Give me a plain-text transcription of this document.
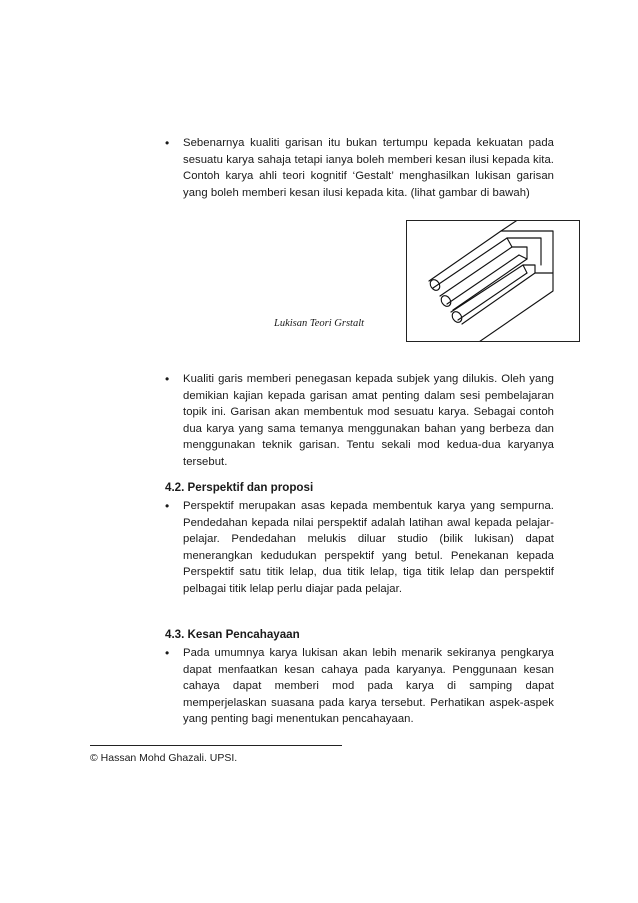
• Sebenarnya kualiti garisan itu bukan tertumpu kepada kekuatan pada sesuatu karya sahaja tetapi ianya boleh memberi kesan ilusi kepada kita. Contoh karya ahli teori kognitif ‘Gestalt’ menghasilkan lukisan garisan yang boleh memberi kesan ilusi kepada kita. (lihat gambar di bawah)
Lukisan Teori Grstalt
• Kualiti garis memberi penegasan kepada subjek yang dilukis. Oleh yang demikian kajian kepada garisan amat penting dalam sesi pembelajaran topik ini. Garisan akan membentuk mod sesuatu karya. Sebagai contoh dua karya yang sama temanya menggunakan bahan yang berbeza dan menggunakan teknik garisan. Tentu sekali mod kedua-dua karyanya tersebut.
4.2. Perspektif dan proposi
• Perspektif merupakan asas kepada membentuk karya yang sempurna. Pendedahan kepada nilai perspektif adalah latihan awal kepada pelajar-pelajar. Pendedahan melukis diluar studio (bilik lukisan) dapat menerangkan kedudukan perspektif yang betul. Penekanan kepada Perspektif satu titik lelap, dua titik lelap, tiga titik lelap dan perspektif pelbagai titik lelap perlu diajar pada pelajar.
4.3. Kesan Pencahayaan
• Pada umumnya karya lukisan akan lebih menarik sekiranya pengkarya dapat menfaatkan kesan cahaya pada karyanya. Penggunaan kesan cahaya dapat memberi mod pada karya di samping dapat memperjelaskan suasana pada karya tersebut. Perhatikan aspek-aspek yang penting bagi menentukan pencahayaan.
© Hassan Mohd Ghazali. UPSI.
